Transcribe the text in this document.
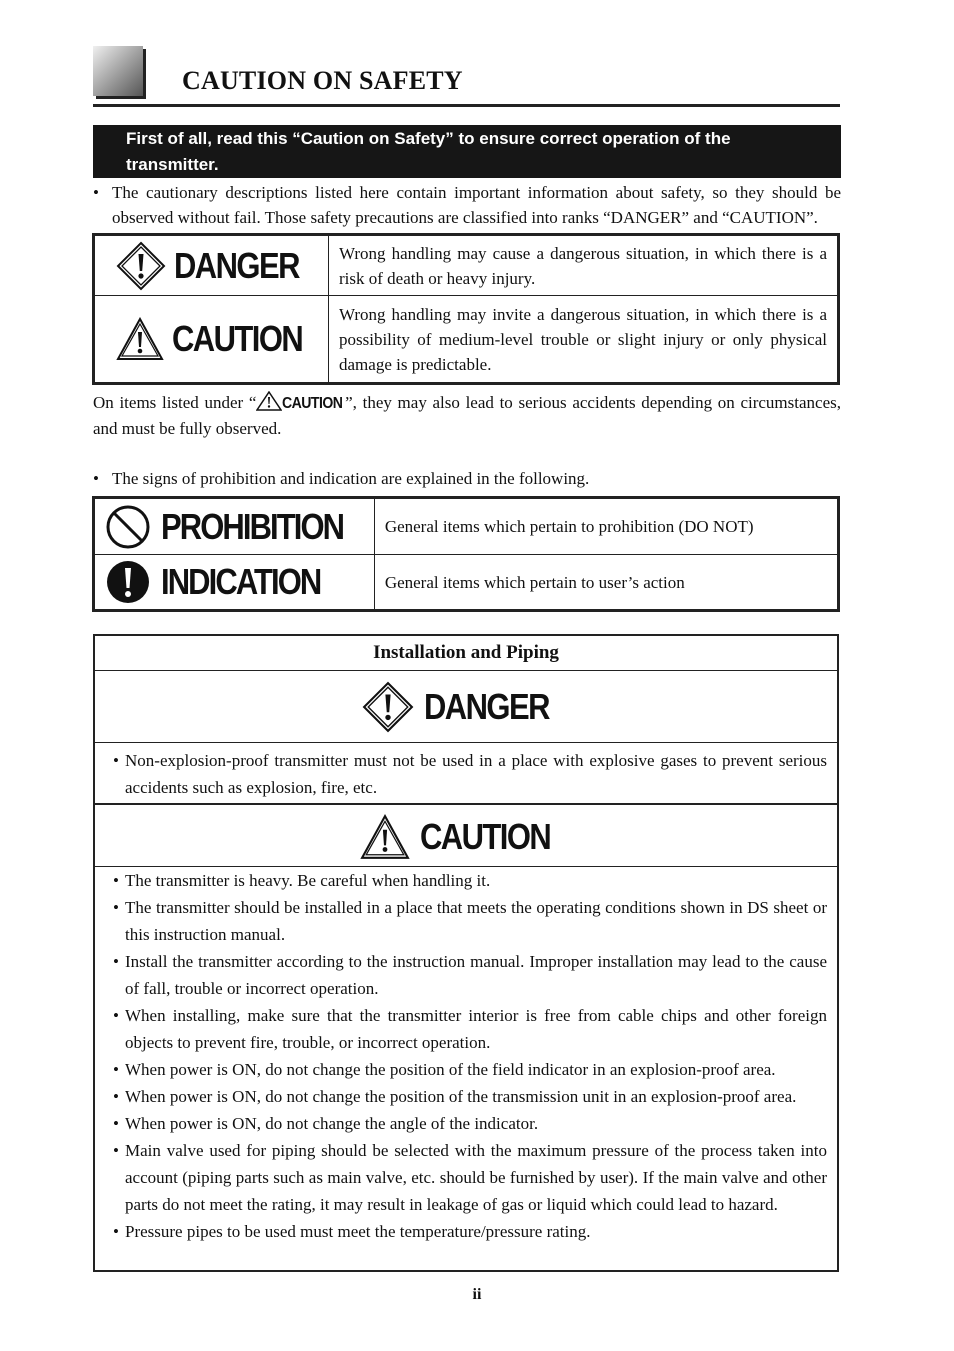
CAUTION ON SAFETY
First of all, read this “Caution on Safety” to ensure correct operation of the transmitter.
• The cautionary descriptions listed here contain important information about safety, so they should be observed without fail. Those safety precautions are classified into ranks “DANGER” and “CAUTION”.
DANGER	Wrong handling may cause a dangerous situation, in which there is a risk of death or heavy injury.

CAUTION	Wrong handling may invite a dangerous situation, in which there is a possibility of medium-level trouble or slight injury or only physical damage is predictable.
On items listed under “ CAUTION ”, they may also lead to serious accidents depending on circumstances, and must be fully observed.
• The signs of prohibition and indication are explained in the following.
PROHIBITION	General items which pertain to prohibition (DO NOT)

INDICATION	General items which pertain to user’s action
Installation and Piping
DANGER
• Non-explosion-proof transmitter must not be used in a place with explosive gases to prevent serious accidents such as explosion, fire, etc.
CAUTION
• The transmitter is heavy. Be careful when handling it.
• The transmitter should be installed in a place that meets the operating conditions shown in DS sheet or this instruction manual.
• Install the transmitter according to the instruction manual. Improper installation may lead to the cause of fall, trouble or incorrect operation.
• When installing, make sure that the transmitter interior is free from cable chips and other foreign objects to prevent fire, trouble, or incorrect operation.
• When power is ON, do not change the position of the field indicator in an explosion-proof area.
• When power is ON, do not change the position of the transmission unit in an explosion-proof area.
• When power is ON, do not change the angle of the indicator.
• Main valve used for piping should be selected with the maximum pressure of the process taken into account (piping parts such as main valve, etc. should be furnished by user). If the main valve and other parts do not meet the rating, it may result in leakage of gas or liquid which could lead to hazard.
• Pressure pipes to be used must meet the temperature/pressure rating.
ii
